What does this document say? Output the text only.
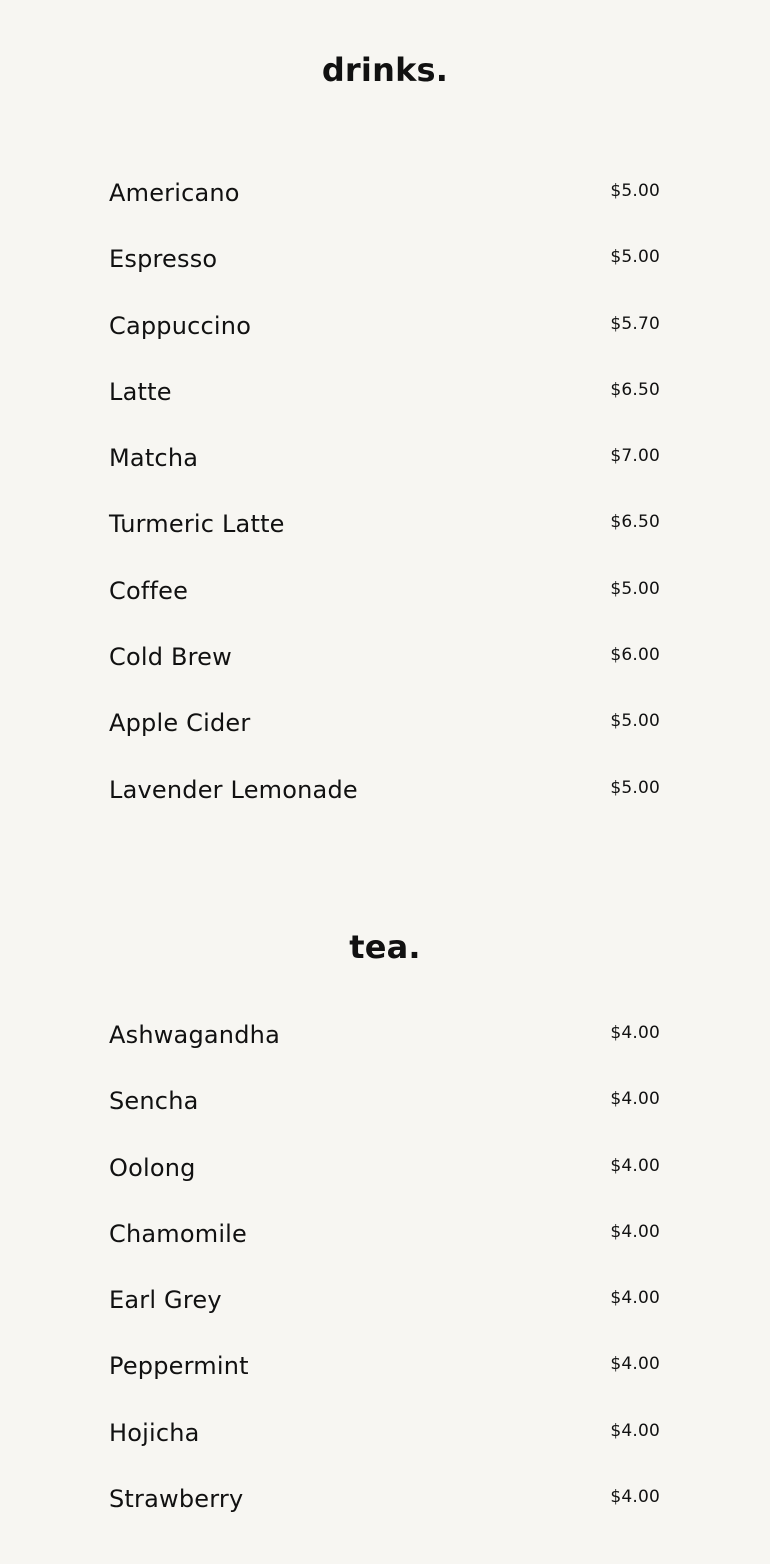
drinks.
Americano	$5.00
Espresso	$5.00
Cappuccino	$5.70
Latte	$6.50
Matcha	$7.00
Turmeric Latte	$6.50
Coffee	$5.00
Cold Brew	$6.00
Apple Cider	$5.00
Lavender Lemonade	$5.00
tea.
Ashwagandha	$4.00
Sencha	$4.00
Oolong	$4.00
Chamomile	$4.00
Earl Grey	$4.00
Peppermint	$4.00
Hojicha	$4.00
Strawberry	$4.00
